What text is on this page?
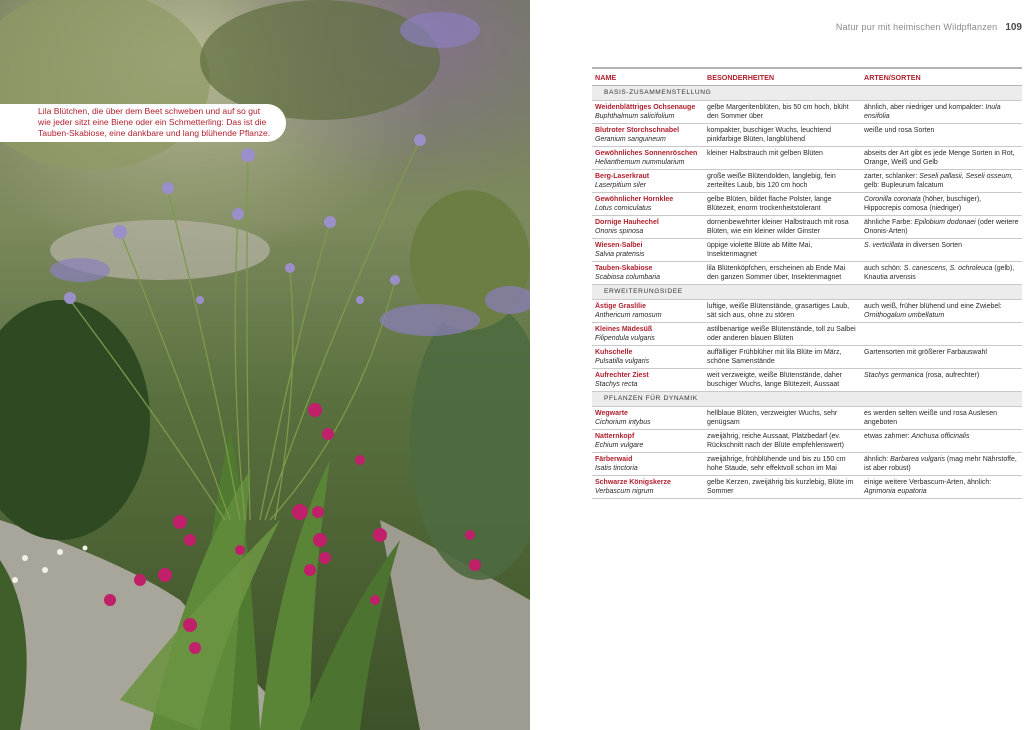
Lila Blütchen, die über dem Beet schweben und auf so gut
wie jeder sitzt eine Biene oder ein Schmetterling: Das ist die
Tauben-Skabiose, eine dankbare und lang blühende Pflanze.
Natur pur mit heimischen Wildpflanzen 109
NAME	BESONDERHEITEN	ARTEN/SORTEN
BASIS-ZUSAMMENSTELLUNG		

Weidenblättriges Ochsenauge
Buphthalmum salicifolium	gelbe Margeritenblüten, bis 50 cm hoch, blüht den Sommer über	ähnlich, aber niedriger und kompakter: Inula ensifolia

Blutroter Storchschnabel
Geranium sanguineum	kompakter, buschiger Wuchs, leuchtend pinkfarbige Blüten, langblühend	weiße und rosa Sorten

Gewöhnliches Sonnenröschen
Helianthemum nummularium	kleiner Halbstrauch mit gelben Blüten	abseits der Art gibt es jede Menge Sorten in Rot, Orange, Weiß und Gelb

Berg-Laserkraut
Laserpitium siler	große weiße Blütendolden, langlebig, fein zerteiltes Laub, bis 120 cm hoch	zarter, schlanker: Seseli pallasii, Seseli osseum, gelb: Bupleurum falcatum

Gewöhnlicher Hornklee
Lotus corniculatus	gelbe Blüten, bildet flache Polster, lange Blütezeit, enorm trockenheitstolerant	Coronilla coronata (höher, buschiger), Hippocrepis comosa (niedriger)

Dornige Hauhechel
Ononis spinosa	dornenbewehrter kleiner Halbstrauch mit rosa Blüten, wie ein kleiner wilder Ginster	ähnliche Farbe: Epilobium dodonaei (oder weitere Ononis-Arten)

Wiesen-Salbei
Salvia pratensis	üppige violette Blüte ab Mitte Mai, Insektenmagnet	S. verticillata in diversen Sorten

Tauben-Skabiose
Scabiosa columbaria	lila Blütenköpfchen, erscheinen ab Ende Mai den ganzen Sommer über, Insektenmagnet	auch schön: S. canescens, S. ochroleuca (gelb), Knautia arvensis
ERWEITERUNGSIDEE		

Ästige Graslilie
Anthericum ramosum	luftige, weiße Blütenstände, grasartiges Laub, sät sich aus, ohne zu stören	auch weiß, früher blühend und eine Zwiebel: Ornithogalum umbellatum

Kleines Mädesüß
Filipendula vulgaris	astilbenartige weiße Blütenstände, toll zu Salbei oder anderen blauen Blüten	

Kuhschelle
Pulsatilla vulgaris	auffälliger Frühblüher mit lila Blüte im März, schöne Samenstände	Gartensorten mit größerer Farbauswahl

Aufrechter Ziest
Stachys recta	weit verzweigte, weiße Blütenstände, daher buschiger Wuchs, lange Blütezeit, Aussaat	Stachys germanica (rosa, aufrechter)
PFLANZEN FÜR DYNAMIK		

Wegwarte
Cichorium intybus	hellblaue Blüten, verzweigter Wuchs, sehr genügsam	es werden selten weiße und rosa Auslesen angeboten

Natternkopf
Echium vulgare	zweijährig, reiche Aussaat, Platzbedarf (ev. Rückschnitt nach der Blüte empfehlenswert)	etwas zahmer: Anchusa officinalis

Färberwaid
Isatis tinctoria	zweijährige, frühblühende und bis zu 150 cm hohe Staude, sehr effektvoll schon im Mai	ähnlich: Barbarea vulgaris (mag mehr Nährstoffe, ist aber robust)

Schwarze Königskerze
Verbascum nigrum	gelbe Kerzen, zweijährig bis kurzlebig, Blüte im Sommer	einige weitere Verbascum-Arten, ähnlich: Agrimonia eupatoria
